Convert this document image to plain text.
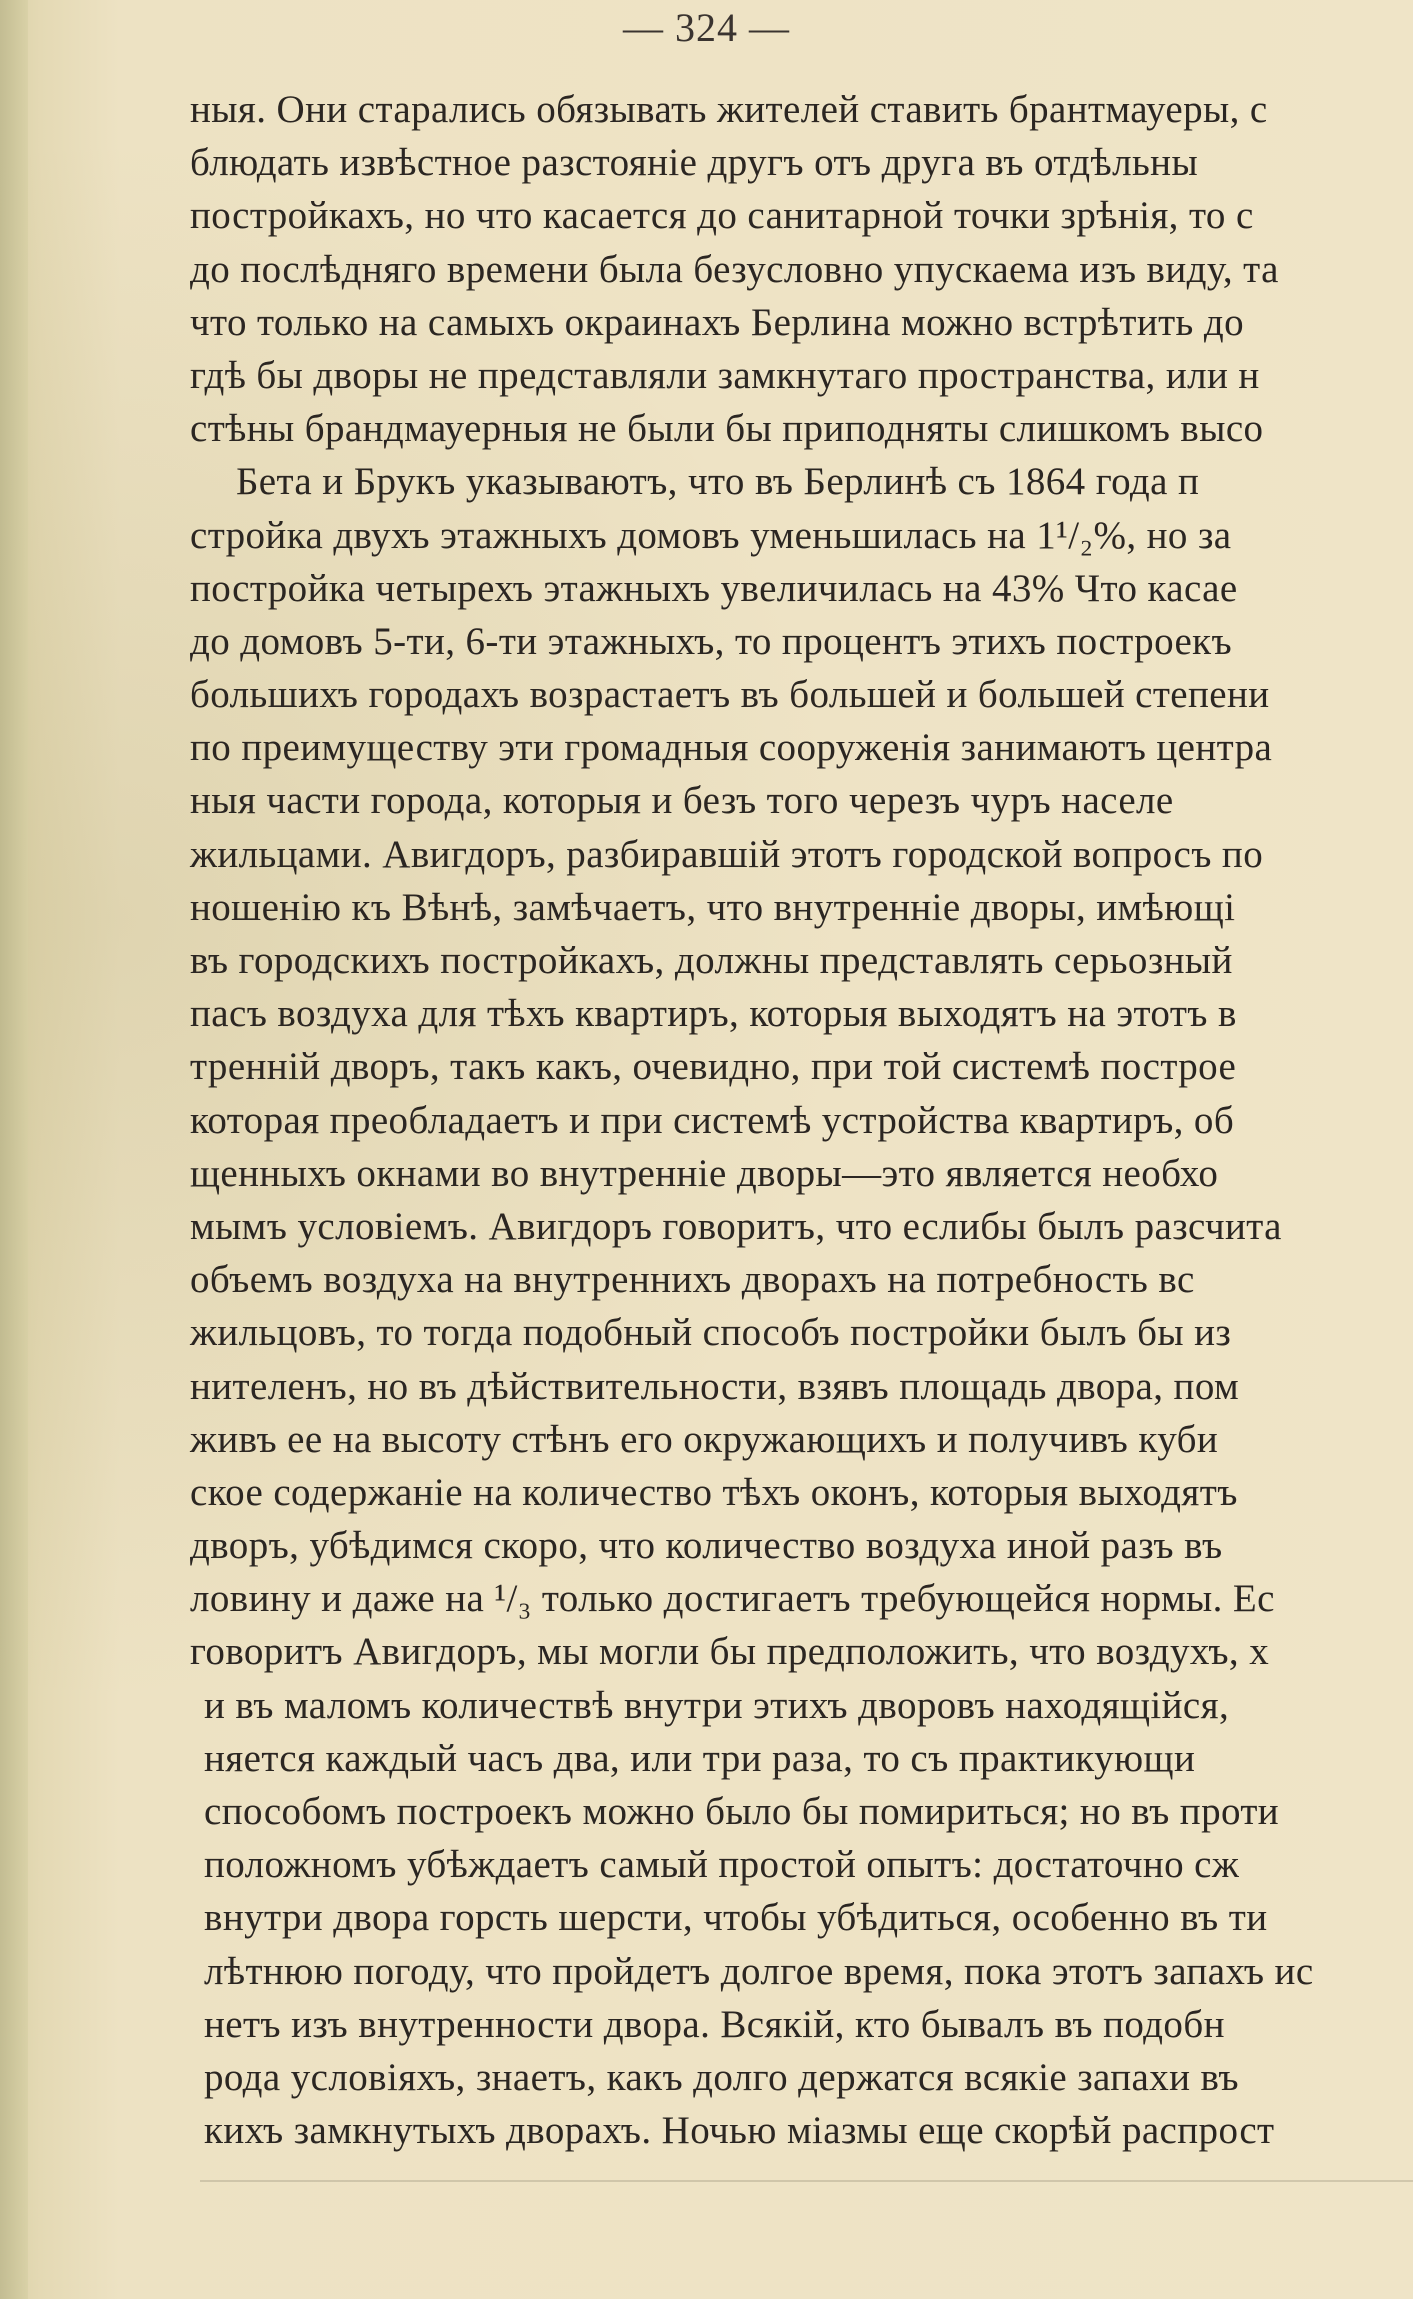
— 324 —
ныя. Они старались обязывать жителей ставить брантмауеры, с
блюдать извѣстное разстоянiе другъ отъ друга въ отдѣльны
постройкахъ, но что касается до санитарной точки зрѣнiя, то с
до послѣдняго времени была безусловно упускаема изъ виду, та
что только на самыхъ окраинахъ Берлина можно встрѣтить до
гдѣ бы дворы не представляли замкнутаго пространства, или н
стѣны брандмауерныя не были бы приподняты слишкомъ высо
Бета и Брукъ указываютъ, что въ Берлинѣ съ 1864 года п
стройка двухъ этажныхъ домовъ уменьшилась на 1¹/₂%, но за
постройка четырехъ этажныхъ увеличилась на 43% Что касае
до домовъ 5-ти, 6-ти этажныхъ, то процентъ этихъ построекъ
большихъ городахъ возрастаетъ въ большей и большей степени
по преимуществу эти громадныя сооруженiя занимаютъ центра
ныя части города, которыя и безъ того черезъ чуръ населе
жильцами. Авигдоръ, разбиравшiй этотъ городской вопросъ по
ношенiю къ Вѣнѣ, замѣчаетъ, что внутреннiе дворы, имѣющi
въ городскихъ постройкахъ, должны представлять серьозный
пасъ воздуха для тѣхъ квартиръ, которыя выходятъ на этотъ в
треннiй дворъ, такъ какъ, очевидно, при той системѣ построе
которая преобладаетъ и при системѣ устройства квартиръ, об
щенныхъ окнами во внутреннiе дворы—это является необхо
мымъ условiемъ. Авигдоръ говоритъ, что еслибы былъ разсчита
объемъ воздуха на внутреннихъ дворахъ на потребность вс
жильцовъ, то тогда подобный способъ постройки былъ бы из
нителенъ, но въ дѣйствительности, взявъ площадь двора, пом
живъ ее на высоту стѣнъ его окружающихъ и получивъ куби
ское содержанiе на количество тѣхъ оконъ, которыя выходятъ
дворъ, убѣдимся скоро, что количество воздуха иной разъ въ
ловину и даже на ¹/₃ только достигаетъ требующейся нормы. Ес
говоритъ Авигдоръ, мы могли бы предположить, что воздухъ, х
и въ маломъ количествѣ внутри этихъ дворовъ находящiйся,
няется каждый часъ два, или три раза, то съ практикующи
способомъ построекъ можно было бы помириться; но въ проти
положномъ убѣждаетъ самый простой опытъ: достаточно сж
внутри двора горсть шерсти, чтобы убѣдиться, особенно въ ти
лѣтнюю погоду, что пройдетъ долгое время, пока этотъ запахъ ис
нетъ изъ внутренности двора. Всякiй, кто бывалъ въ подобн
рода условiяхъ, знаетъ, какъ долго держатся всякiе запахи въ
кихъ замкнутыхъ дворахъ. Ночью мiазмы еще скорѣй распрост
